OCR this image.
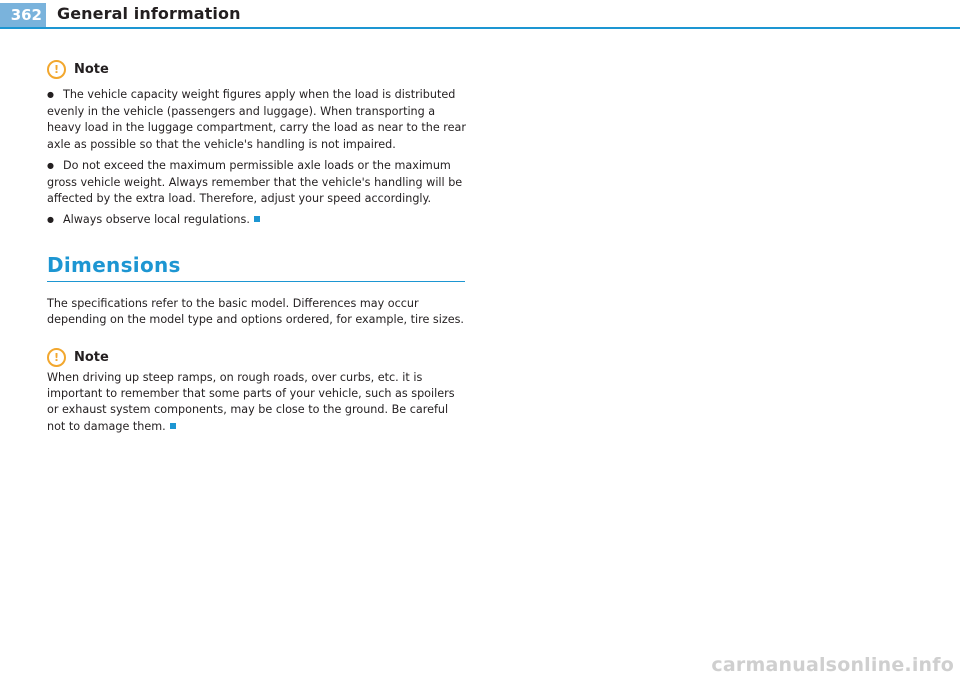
362 General information
! Note

● The vehicle capacity weight figures apply when the load is distributed evenly in the vehicle (passengers and luggage). When transporting a heavy load in the luggage compartment, carry the load as near to the rear axle as possible so that the vehicle's handling is not impaired.

● Do not exceed the maximum permissible axle loads or the maximum gross vehicle weight. Always remember that the vehicle's handling will be affected by the extra load. Therefore, adjust your speed accordingly.

● Always observe local regulations.

Dimensions

The specifications refer to the basic model. Differences may occur depending on the model type and options ordered, for example, tire sizes.

! Note

When driving up steep ramps, on rough roads, over curbs, etc. it is important to remember that some parts of your vehicle, such as spoilers or exhaust system components, may be close to the ground. Be careful not to damage them.

carmanualsonline.info
